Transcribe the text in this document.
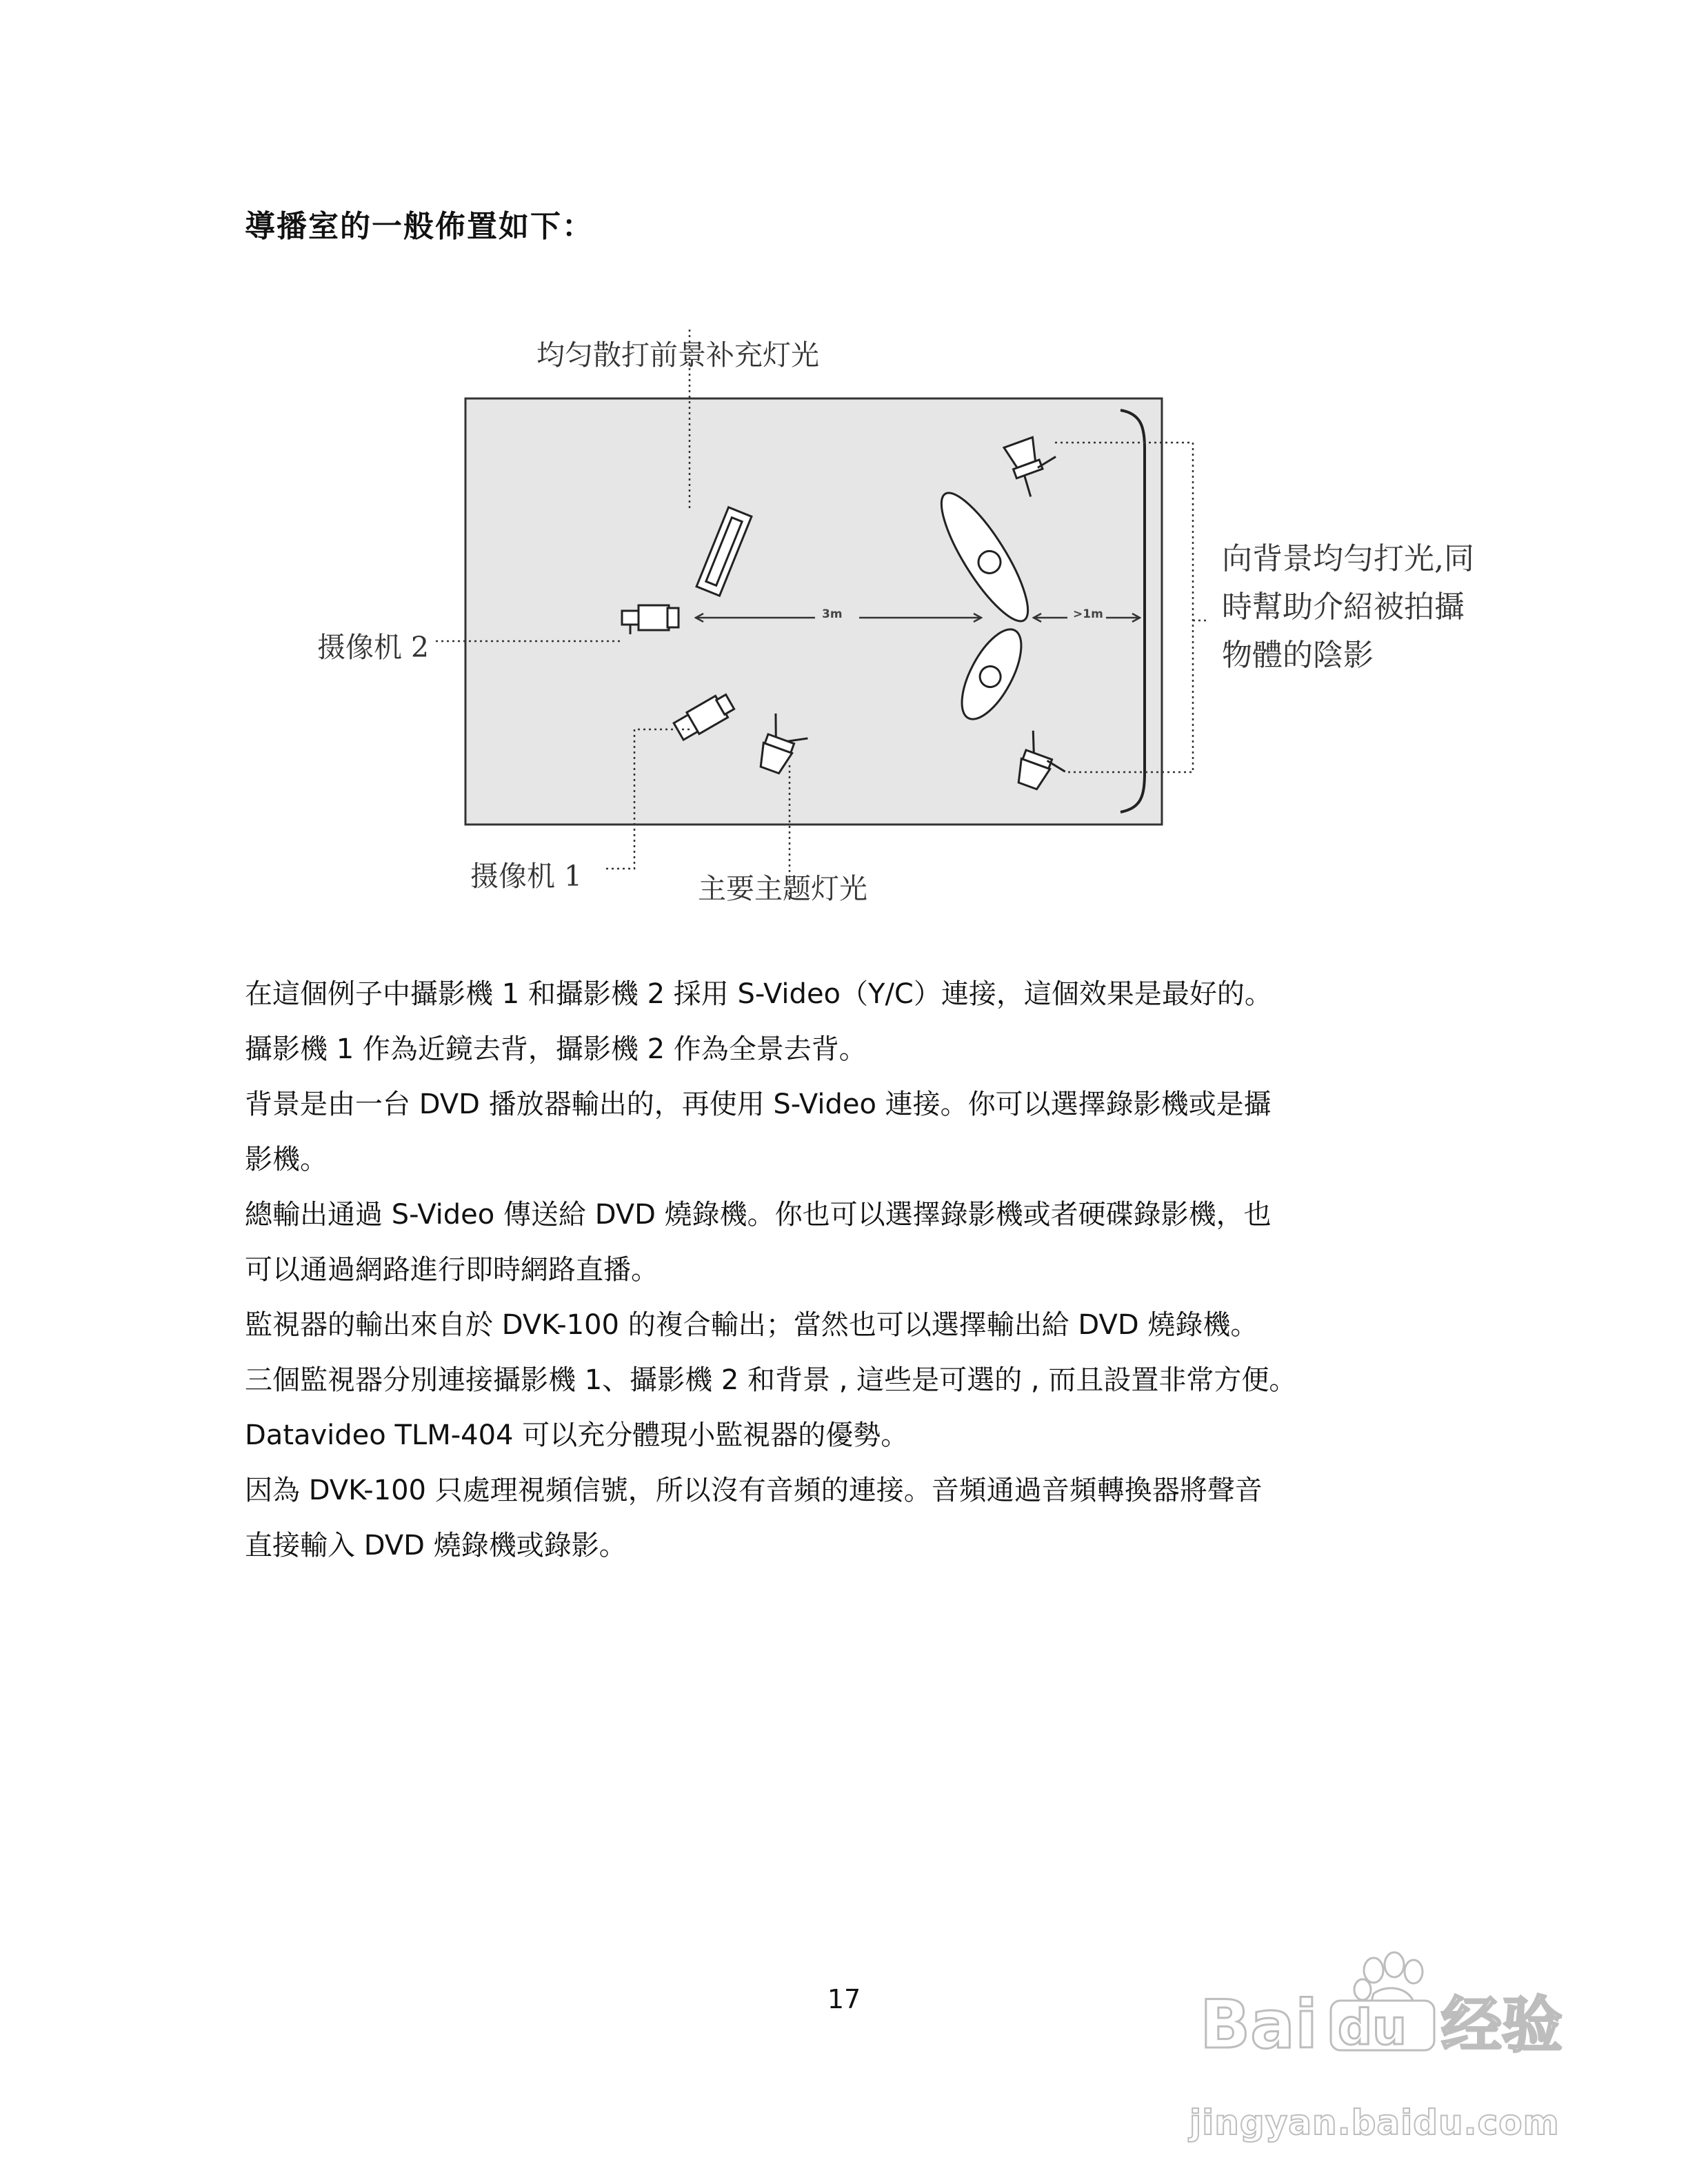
導播室的一般佈置如下：
均匀散打前景补充灯光
摄像机 2
摄像机 1	主要主题灯光
向背景均勻打光,同
時幫助介紹被拍攝
物體的陰影
3m	>1m

在這個例子中攝影機 1 和攝影機 2 採用 S-Video（Y/C）連接，這個效果是最好的。

攝影機 1 作為近鏡去背，攝影機 2 作為全景去背。

背景是由一台 DVD 播放器輸出的，再使用 S-Video 連接。你可以選擇錄影機或是攝

影機。

總輸出通過 S-Video 傳送給 DVD 燒錄機。你也可以選擇錄影機或者硬碟錄影機，也

可以通過網路進行即時網路直播。

監視器的輸出來自於 DVK-100 的複合輸出；當然也可以選擇輸出給 DVD 燒錄機。

三個監視器分別連接攝影機 1、攝影機 2 和背景 , 這些是可選的 , 而且設置非常方便。

Datavideo TLM-404 可以充分體現小監視器的優勢。

因為 DVK-100 只處理視頻信號，所以沒有音頻的連接。音頻通過音頻轉換器將聲音

直接輸入 DVD 燒錄機或錄影。

17	Bai du 经验
jingyan.baidu.com
